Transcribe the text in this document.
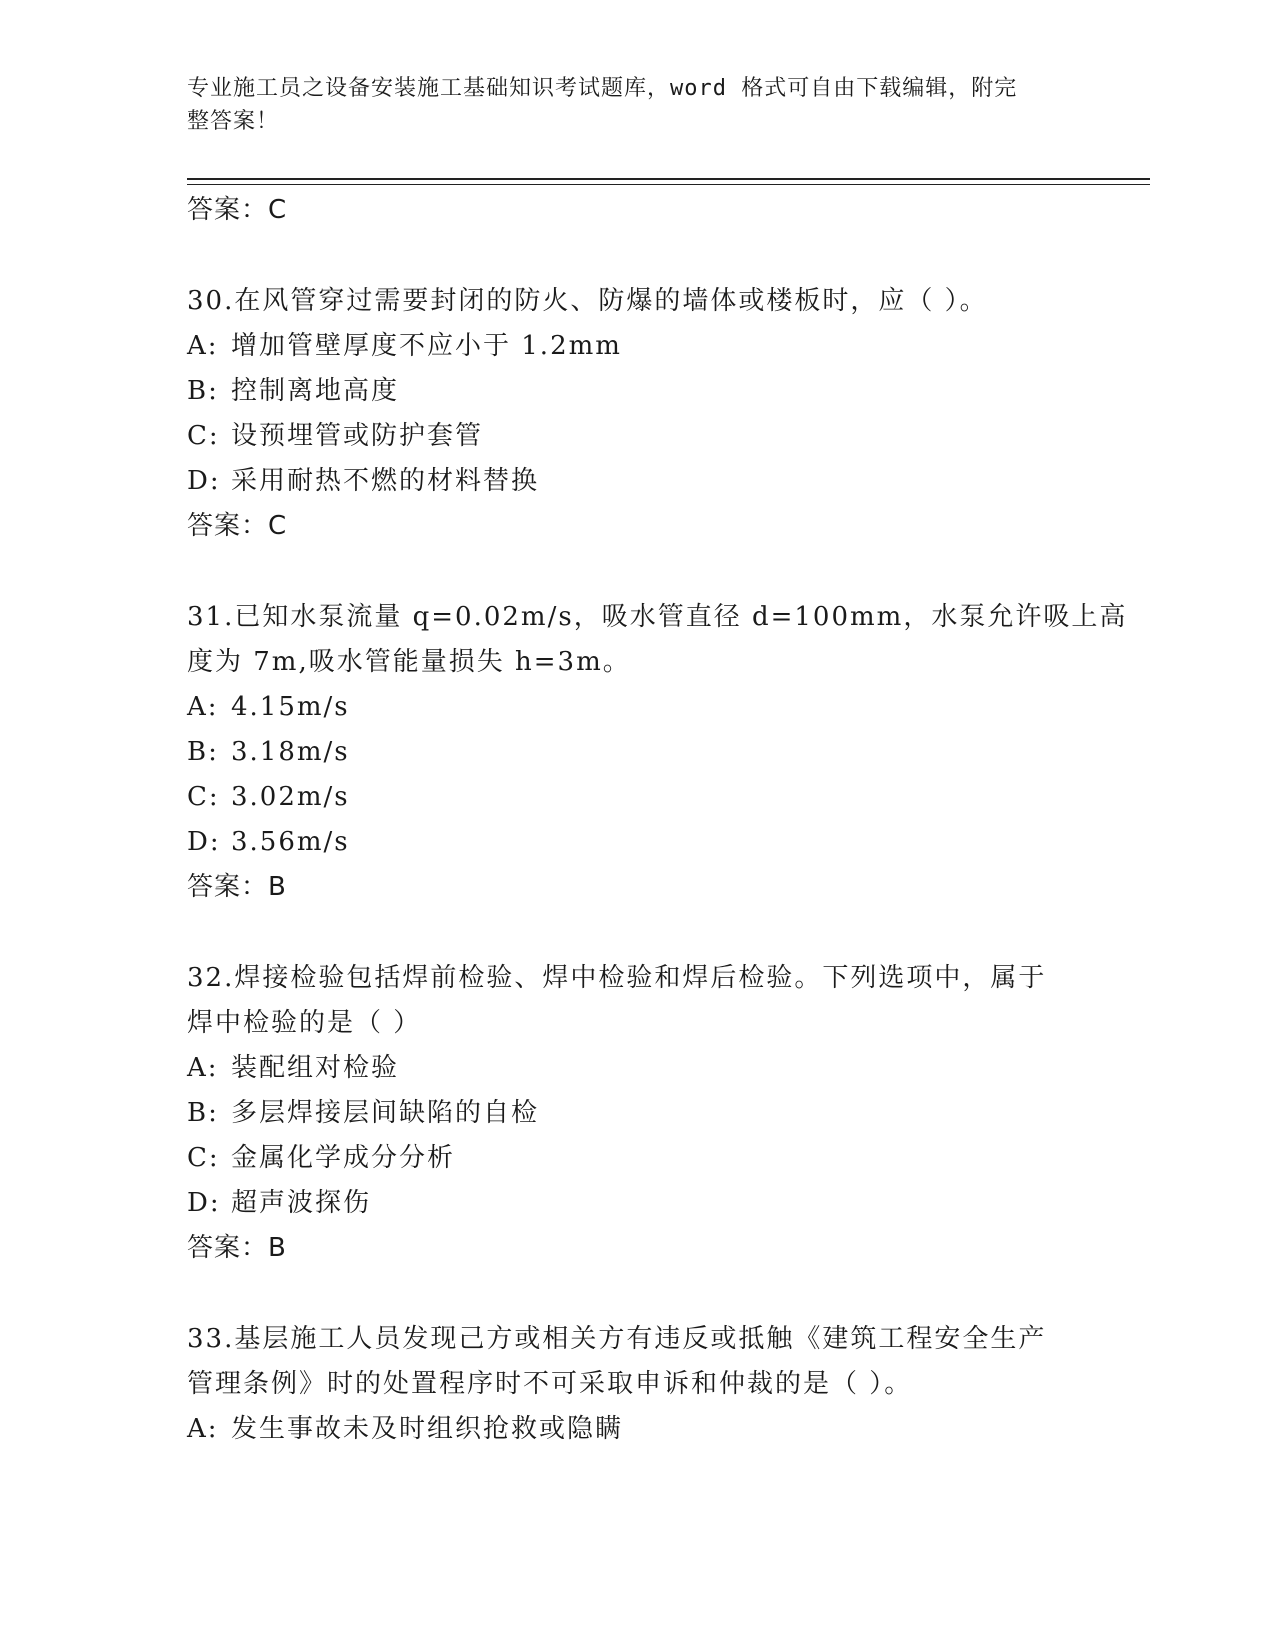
专业施工员之设备安装施工基础知识考试题库，word 格式可自由下载编辑，附完
整答案！
答案：C
30.在风管穿过需要封闭的防火、防爆的墙体或楼板时，应（ ）。
A: 增加管壁厚度不应小于 1.2mm
B: 控制离地高度
C: 设预埋管或防护套管
D: 采用耐热不燃的材料替换
答案：C
31.已知水泵流量 q=0.02m/s，吸水管直径 d=100mm，水泵允许吸上高
度为 7m,吸水管能量损失 h=3m。
A: 4.15m/s
B: 3.18m/s
C: 3.02m/s
D: 3.56m/s
答案：B
32.焊接检验包括焊前检验、焊中检验和焊后检验。下列选项中，属于
焊中检验的是（ ）
A: 装配组对检验
B: 多层焊接层间缺陷的自检
C: 金属化学成分分析
D: 超声波探伤
答案：B
33.基层施工人员发现己方或相关方有违反或抵触《建筑工程安全生产
管理条例》时的处置程序时不可采取申诉和仲裁的是（ ）。
A: 发生事故未及时组织抢救或隐瞒
